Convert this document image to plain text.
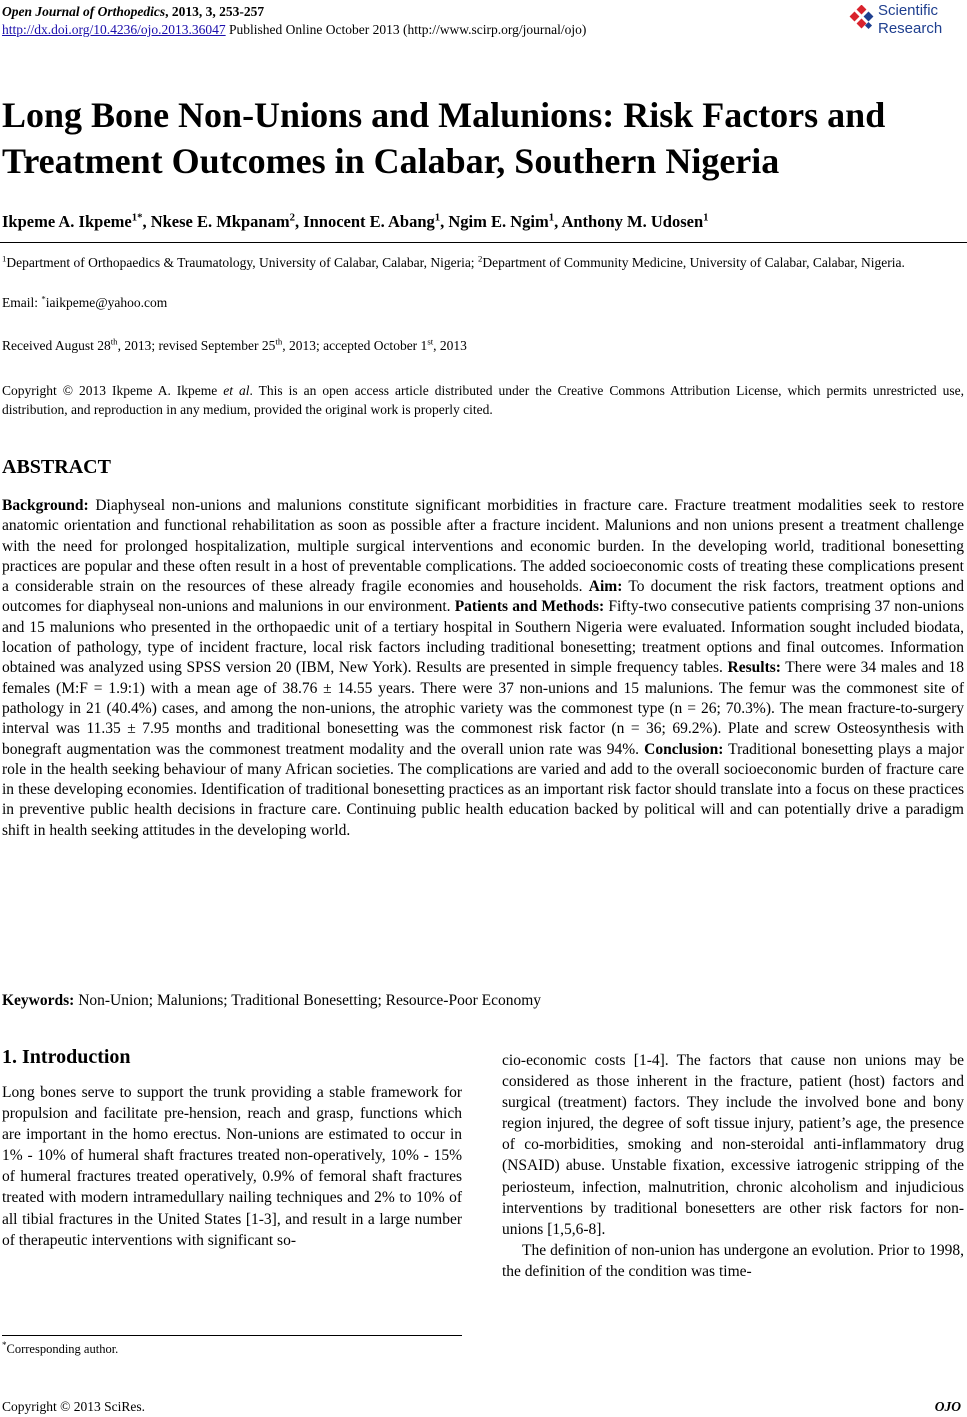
Open Journal of Orthopedics, 2013, 3, 253-257
http://dx.doi.org/10.4236/ojo.2013.36047 Published Online October 2013 (http://www.scirp.org/journal/ojo)
Scientific
Research
Long Bone Non-Unions and Malunions: Risk Factors and Treatment Outcomes in Calabar, Southern Nigeria
Ikpeme A. Ikpeme$^{1*}$, Nkese E. Mkpanam$^2$, Innocent E. Abang$^1$, Ngim E. Ngim$^1$, Anthony M. Udosen$^1$
$^1$Department of Orthopaedics & Traumatology, University of Calabar, Calabar, Nigeria; $^2$Department of Community Medicine, University of Calabar, Calabar, Nigeria.
Email: *iaikpeme@yahoo.com
Received August 28th, 2013; revised September 25th, 2013; accepted October 1st, 2013
Copyright © 2013 Ikpeme A. Ikpeme et al. This is an open access article distributed under the Creative Commons Attribution License, which permits unrestricted use, distribution, and reproduction in any medium, provided the original work is properly cited.
ABSTRACT
Background: Diaphyseal non-unions and malunions constitute significant morbidities in fracture care. Fracture treatment modalities seek to restore anatomic orientation and functional rehabilitation as soon as possible after a fracture incident. Malunions and non unions present a treatment challenge with the need for prolonged hospitalization, multiple surgical interventions and economic burden. In the developing world, traditional bonesetting practices are popular and these often result in a host of preventable complications. The added socioeconomic costs of treating these complications present a considerable strain on the resources of these already fragile economies and households. Aim: To document the risk factors, treatment options and outcomes for diaphyseal non-unions and malunions in our environment. Patients and Methods: Fifty-two consecutive patients comprising 37 non-unions and 15 malunions who presented in the orthopaedic unit of a tertiary hospital in Southern Nigeria were evaluated. Information sought included biodata, location of pathology, type of incident fracture, local risk factors including traditional bonesetting; treatment options and final outcomes. Information obtained was analyzed using SPSS version 20 (IBM, New York). Results are presented in simple frequency tables. Results: There were 34 males and 18 females (M:F = 1.9:1) with a mean age of 38.76 ± 14.55 years. There were 37 non-unions and 15 malunions. The femur was the commonest site of pathology in 21 (40.4%) cases, and among the non-unions, the atrophic variety was the commonest type (n = 26; 70.3%). The mean fracture-to-surgery interval was 11.35 ± 7.95 months and traditional bonesetting was the commonest risk factor (n = 36; 69.2%). Plate and screw Osteosynthesis with bonegraft augmentation was the commonest treatment modality and the overall union rate was 94%. Conclusion: Traditional bonesetting plays a major role in the health seeking behaviour of many African societies. The complications are varied and add to the overall socioeconomic burden of fracture care in these developing economies. Identification of traditional bonesetting practices as an important risk factor should translate into a focus on these practices in preventive public health decisions in fracture care. Continuing public health education backed by political will and can potentially drive a paradigm shift in health seeking attitudes in the developing world.
Keywords: Non-Union; Malunions; Traditional Bonesetting; Resource-Poor Economy
1. Introduction

Long bones serve to support the trunk providing a stable framework for propulsion and facilitate pre-hension, reach and grasp, functions which are important in the homo erectus. Non-unions are estimated to occur in 1% - 10% of humeral shaft fractures treated non-operatively, 10% - 15% of humeral fractures treated operatively, 0.9% of femoral shaft fractures treated with modern intramedullary nailing techniques and 2% to 10% of all tibial fractures in the United States [1-3], and result in a large number of therapeutic interventions with significant so-

cio-economic costs [1-4]. The factors that cause non unions may be considered as those inherent in the fracture, patient (host) factors and surgical (treatment) factors. They include the involved bone and bony region injured, the degree of soft tissue injury, patient’s age, the presence of co-morbidities, smoking and non-steroidal anti-inflammatory drug (NSAID) abuse. Unstable fixation, excessive iatrogenic stripping of the periosteum, infection, malnutrition, chronic alcoholism and injudicious interventions by traditional bonesetters are other risk factors for non-unions [1,5,6-8].

The definition of non-union has undergone an evolution. Prior to 1998, the definition of the condition was time-

*Corresponding author.
Copyright © 2013 SciRes.	OJO
